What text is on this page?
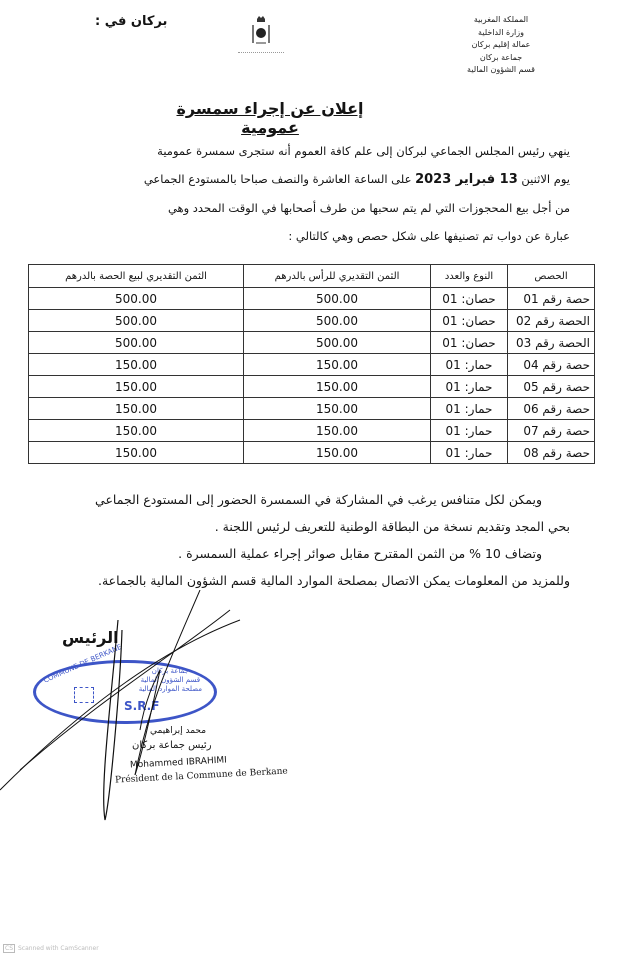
بركان في :	المملكة المغربية
وزارة الداخلية
عمالة إقليم بركان
جماعة بركان
قسم الشؤون المالية
إعلان عن إجراء سمسرة عمومية
ينهي رئيس المجلس الجماعي لبركان إلى علم كافة العموم أنه ستجرى سمسرة عمومية
يوم الاثنين 13 فبراير 2023 على الساعة العاشرة والنصف صباحا بالمستودع الجماعي
من أجل بيع المحجوزات التي لم يتم سحبها من طرف أصحابها في الوقت المحدد وهي
عبارة عن دواب تم تصنيفها على شكل حصص وهي كالتالي :
الحصص	النوع والعدد	الثمن التقديري للرأس بالدرهم	الثمن التقديري لبيع الحصة بالدرهم
حصة رقم 01	حصان: 01	500.00	500.00
الحصة رقم 02	حصان: 01	500.00	500.00
الحصة رقم 03	حصان: 01	500.00	500.00
حصة رقم 04	حمار: 01	150.00	150.00
حصة رقم 05	حمار: 01	150.00	150.00
حصة رقم 06	حمار: 01	150.00	150.00
حصة رقم 07	حمار: 01	150.00	150.00
حصة رقم 08	حمار: 01	150.00	150.00
ويمكن لكل متنافس يرغب في المشاركة في السمسرة الحضور إلى المستودع الجماعي
بحي المجد وتقديم نسخة من البطاقة الوطنية للتعريف لرئيس اللجنة .
وتضاف 10 % من الثمن المقترح مقابل صوائر إجراء عملية السمسرة .
وللمزيد من المعلومات يمكن الاتصال بمصلحة الموارد المالية قسم الشؤون المالية بالجماعة.
الرئيس
COMMUNE DE BERKANE	جماعة بركان
قسم الشؤون المالية
مصلحة الموارد المالية
S.R.F
محمد إبراهيمي
رئيس جماعة بركان
Mohammed IBRAHIMI
Président de la Commune de Berkane
CS Scanned with CamScanner
